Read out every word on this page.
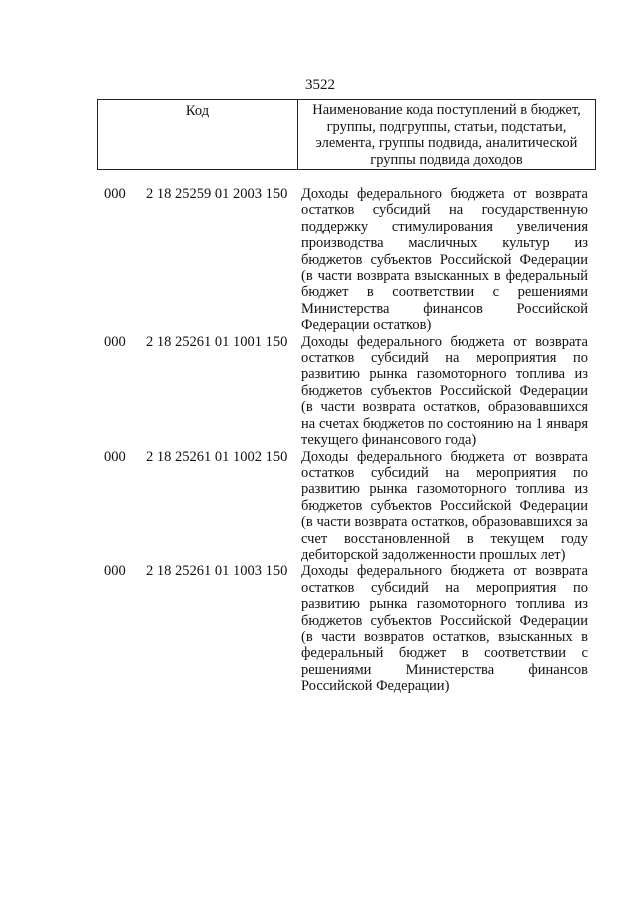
3522
Код	Наименование кода поступлений в бюджет, группы, подгруппы, статьи, подстатьи, элемента, группы подвида, аналитической группы подвида доходов
000 2 18 25259 01 2003 150 Доходы федерального бюджета от возврата остатков субсидий на государственную поддержку стимулирования увеличения производства масличных культур из бюджетов субъектов Российской Федерации (в части возврата взысканных в федеральный бюджет в соответствии с решениями Министерства финансов Российской Федерации остатков)
000 2 18 25261 01 1001 150 Доходы федерального бюджета от возврата остатков субсидий на мероприятия по развитию рынка газомоторного топлива из бюджетов субъектов Российской Федерации (в части возврата остатков, образовавшихся на счетах бюджетов по состоянию на 1 января текущего финансового года)
000 2 18 25261 01 1002 150 Доходы федерального бюджета от возврата остатков субсидий на мероприятия по развитию рынка газомоторного топлива из бюджетов субъектов Российской Федерации (в части возврата остатков, образовавшихся за счет восстановленной в текущем году дебиторской задолженности прошлых лет)
000 2 18 25261 01 1003 150 Доходы федерального бюджета от возврата остатков субсидий на мероприятия по развитию рынка газомоторного топлива из бюджетов субъектов Российской Федерации (в части возвратов остатков, взысканных в федеральный бюджет в соответствии с решениями Министерства финансов Российской Федерации)
